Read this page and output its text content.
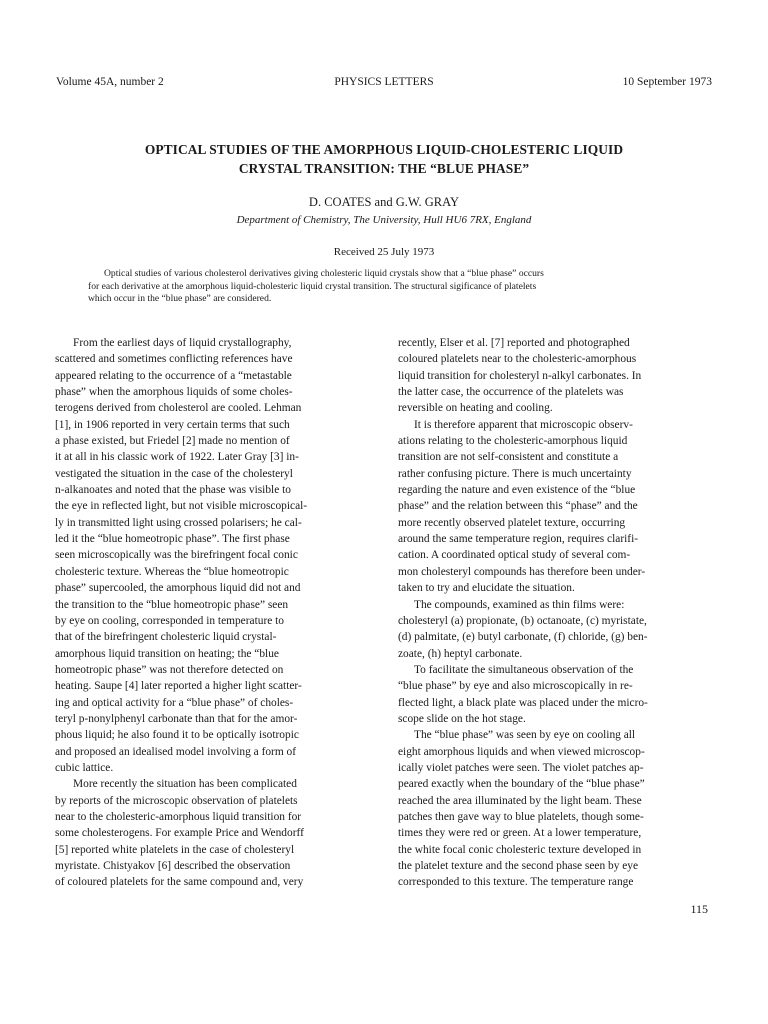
Volume 45A, number 2	PHYSICS LETTERS	10 September 1973
OPTICAL STUDIES OF THE AMORPHOUS LIQUID-CHOLESTERIC LIQUID
CRYSTAL TRANSITION: THE “BLUE PHASE”
D. COATES and G.W. GRAY
Department of Chemistry, The University, Hull HU6 7RX, England
Received 25 July 1973
Optical studies of various cholesterol derivatives giving cholesteric liquid crystals show that a “blue phase” occurs
for each derivative at the amorphous liquid-cholesteric liquid crystal transition. The structural sigificance of platelets
which occur in the “blue phase” are considered.
From the earliest days of liquid crystallography,
scattered and sometimes conflicting references have
appeared relating to the occurrence of a “metastable
phase” when the amorphous liquids of some choles-
terogens derived from cholesterol are cooled. Lehman
[1], in 1906 reported in very certain terms that such
a phase existed, but Friedel [2] made no mention of
it at all in his classic work of 1922. Later Gray [3] in-
vestigated the situation in the case of the cholesteryl
n-alkanoates and noted that the phase was visible to
the eye in reflected light, but not visible microscopical-
ly in transmitted light using crossed polarisers; he cal-
led it the “blue homeotropic phase”. The first phase
seen microscopically was the birefringent focal conic
cholesteric texture. Whereas the “blue homeotropic
phase” supercooled, the amorphous liquid did not and
the transition to the “blue homeotropic phase” seen
by eye on cooling, corresponded in temperature to
that of the birefringent cholesteric liquid crystal-
amorphous liquid transition on heating; the “blue
homeotropic phase” was not therefore detected on
heating. Saupe [4] later reported a higher light scatter-
ing and optical activity for a “blue phase” of choles-
teryl p-nonylphenyl carbonate than that for the amor-
phous liquid; he also found it to be optically isotropic
and proposed an idealised model involving a form of
cubic lattice.
More recently the situation has been complicated
by reports of the microscopic observation of platelets
near to the cholesteric-amorphous liquid transition for
some cholesterogens. For example Price and Wendorff
[5] reported white platelets in the case of cholesteryl
myristate. Chistyakov [6] described the observation
of coloured platelets for the same compound and, very
recently, Elser et al. [7] reported and photographed
coloured platelets near to the cholesteric-amorphous
liquid transition for cholesteryl n-alkyl carbonates. In
the latter case, the occurrence of the platelets was
reversible on heating and cooling.
It is therefore apparent that microscopic observ-
ations relating to the cholesteric-amorphous liquid
transition are not self-consistent and constitute a
rather confusing picture. There is much uncertainty
regarding the nature and even existence of the “blue
phase” and the relation between this “phase” and the
more recently observed platelet texture, occurring
around the same temperature region, requires clarifi-
cation. A coordinated optical study of several com-
mon cholesteryl compounds has therefore been under-
taken to try and elucidate the situation.
The compounds, examined as thin films were:
cholesteryl (a) propionate, (b) octanoate, (c) myristate,
(d) palmitate, (e) butyl carbonate, (f) chloride, (g) ben-
zoate, (h) heptyl carbonate.
To facilitate the simultaneous observation of the
“blue phase” by eye and also microscopically in re-
flected light, a black plate was placed under the micro-
scope slide on the hot stage.
The “blue phase” was seen by eye on cooling all
eight amorphous liquids and when viewed microscop-
ically violet patches were seen. The violet patches ap-
peared exactly when the boundary of the “blue phase”
reached the area illuminated by the light beam. These
patches then gave way to blue platelets, though some-
times they were red or green. At a lower temperature,
the white focal conic cholesteric texture developed in
the platelet texture and the second phase seen by eye
corresponded to this texture. The temperature range
115
